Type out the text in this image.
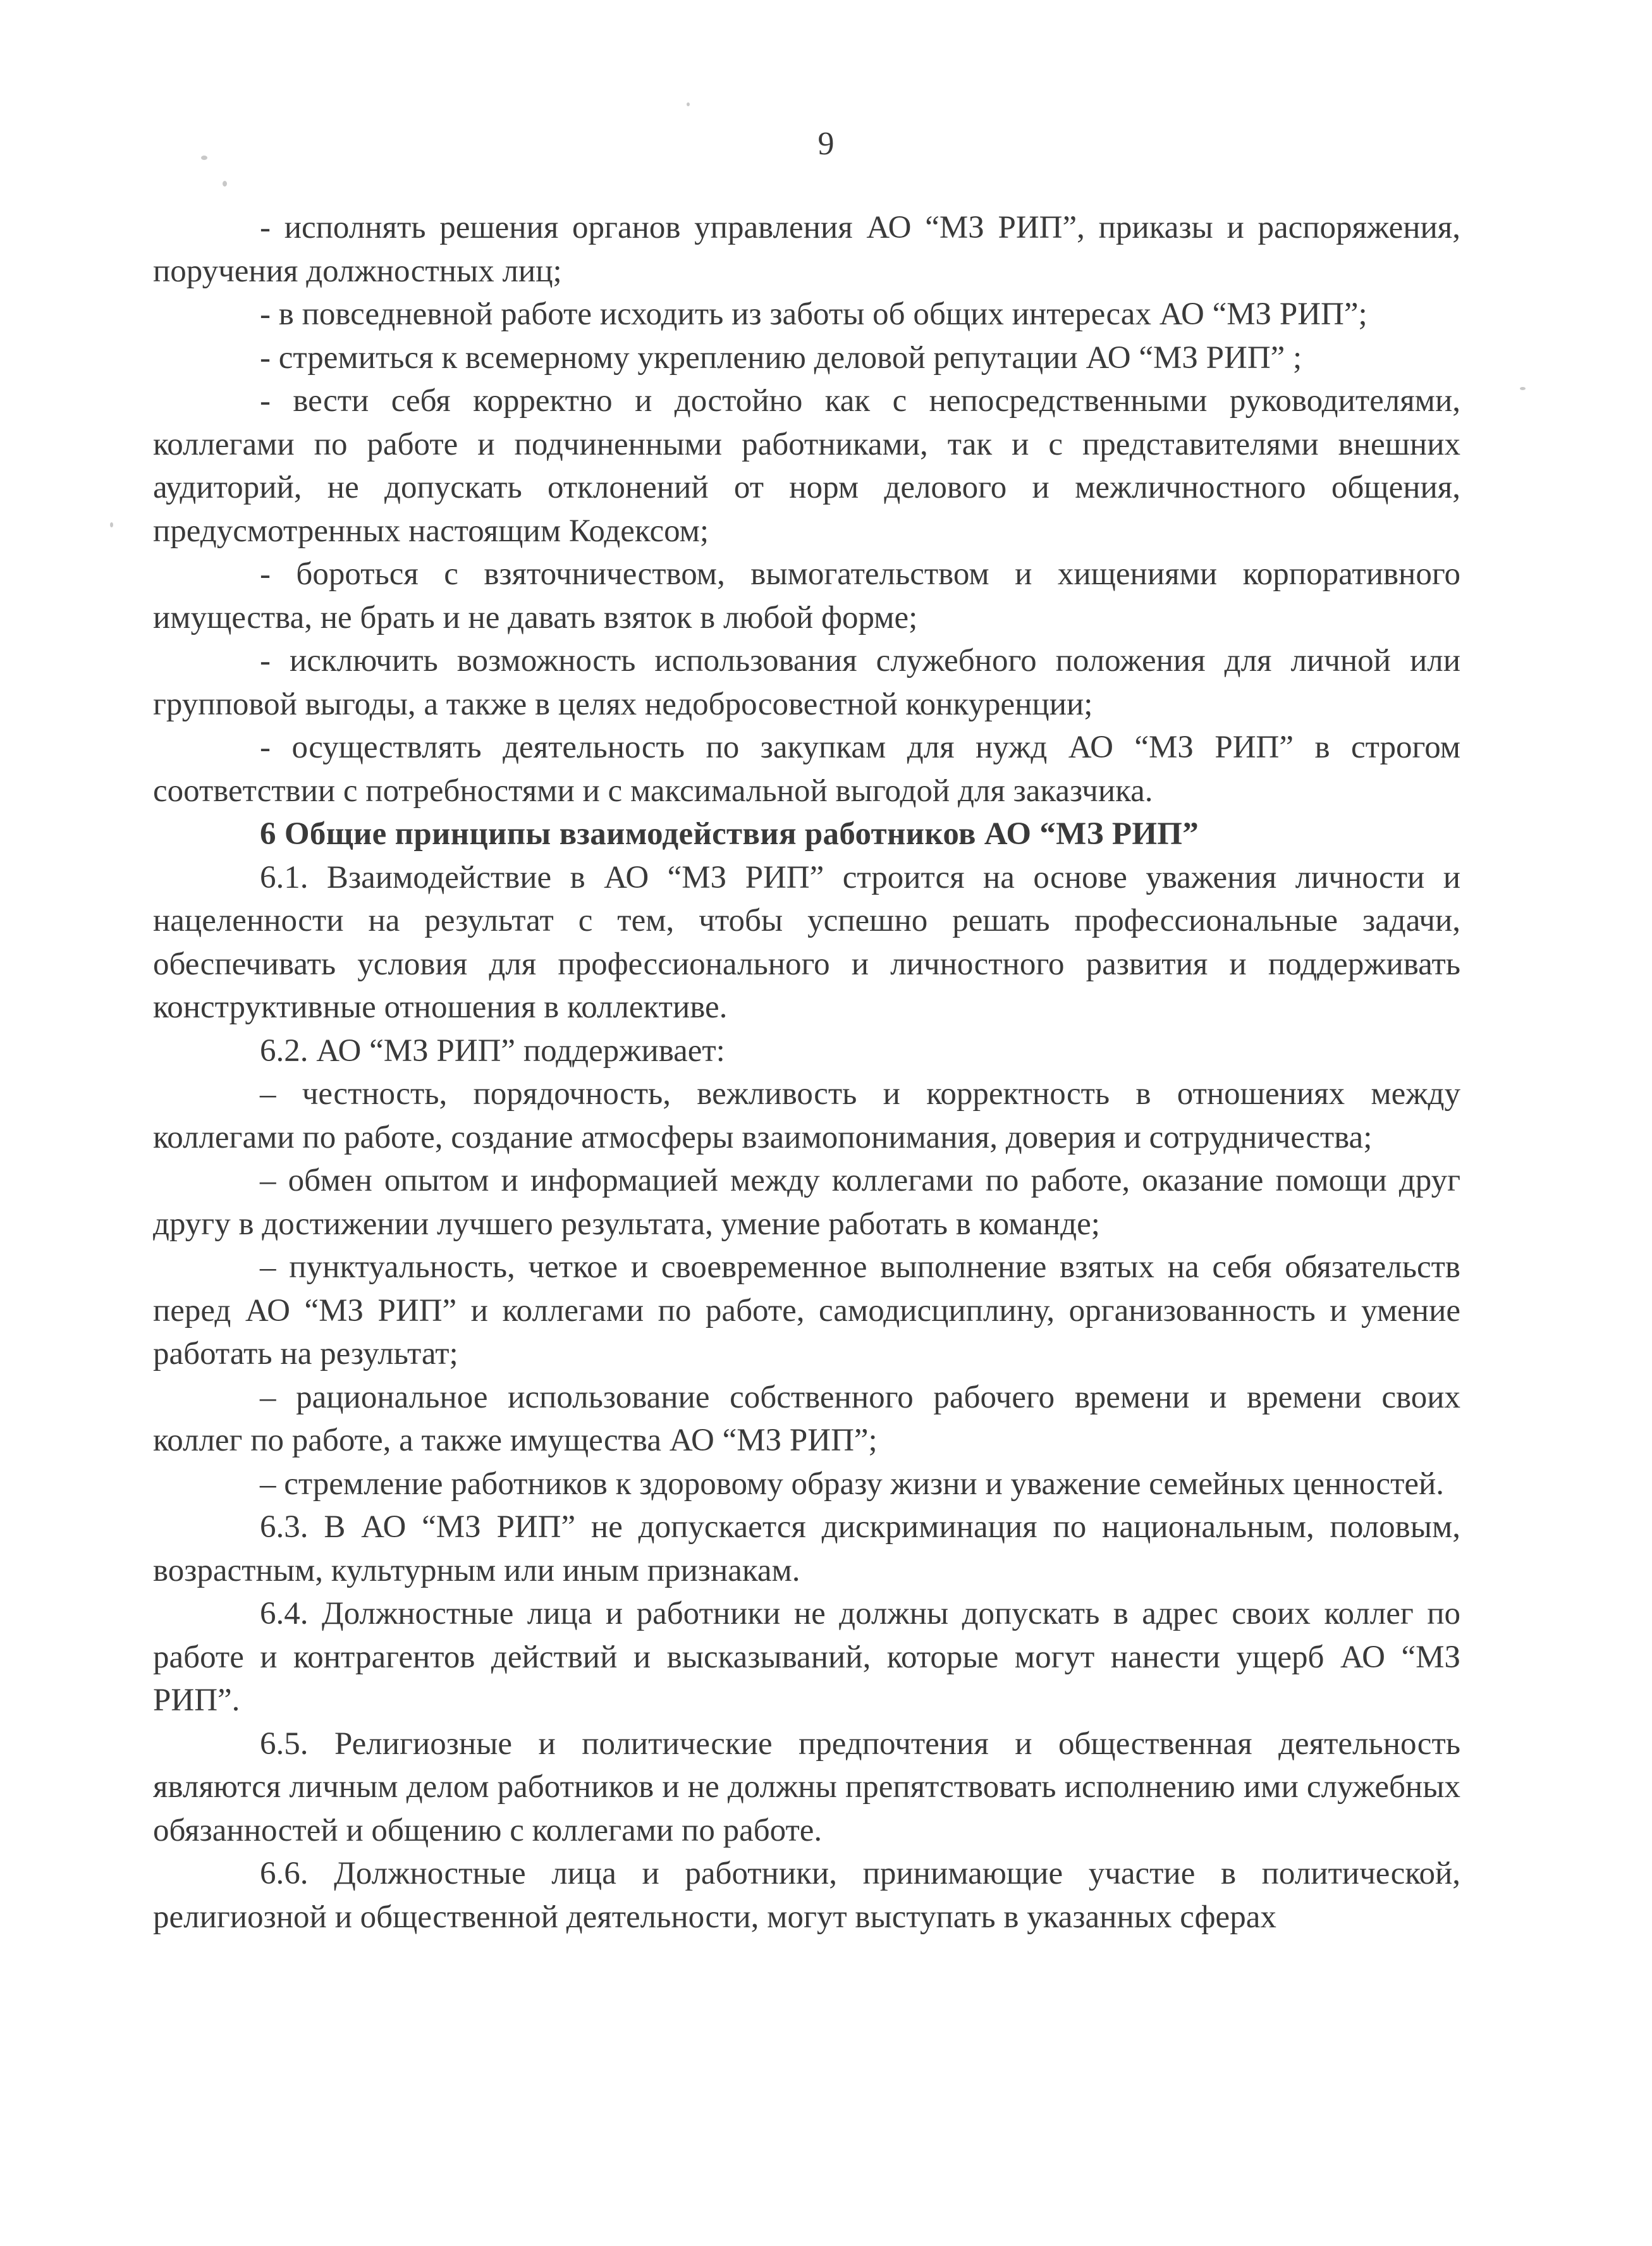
9

- исполнять решения органов управления АО “МЗ РИП”, приказы и распоряжения, поручения должностных лиц;

- в повседневной работе исходить из заботы об общих интересах АО “МЗ РИП”;

- стремиться к всемерному укреплению деловой репутации АО “МЗ РИП” ;

- вести себя корректно и достойно как с непосредственными руководителями, коллегами по работе и подчиненными работниками, так и с представителями внешних аудиторий, не допускать отклонений от норм делового и межличностного общения, предусмотренных настоящим Кодексом;

- бороться с взяточничеством, вымогательством и хищениями корпоративного имущества, не брать и не давать взяток в любой форме;

- исключить возможность использования служебного положения для личной или групповой выгоды, а также в целях недобросовестной конкуренции;

- осуществлять деятельность по закупкам для нужд АО “МЗ РИП” в строгом соответствии с потребностями и с максимальной выгодой для заказчика.

6 Общие принципы взаимодействия работников АО “МЗ РИП”

6.1. Взаимодействие в АО “МЗ РИП” строится на основе уважения личности и нацеленности на результат с тем, чтобы успешно решать профессиональные задачи, обеспечивать условия для профессионального и личностного развития и поддерживать конструктивные отношения в коллективе.

6.2. АО “МЗ РИП” поддерживает:

– честность, порядочность, вежливость и корректность в отношениях между коллегами по работе, создание атмосферы взаимопонимания, доверия и сотрудничества;

– обмен опытом и информацией между коллегами по работе, оказание помощи друг другу в достижении лучшего результата, умение работать в команде;

– пунктуальность, четкое и своевременное выполнение взятых на себя обязательств перед АО “МЗ РИП” и коллегами по работе, самодисциплину, организованность и умение работать на результат;

– рациональное использование собственного рабочего времени и времени своих коллег по работе, а также имущества АО “МЗ РИП”;

– стремление работников к здоровому образу жизни и уважение семейных ценностей.

6.3. В АО “МЗ РИП” не допускается дискриминация по национальным, половым, возрастным, культурным или иным признакам.

6.4. Должностные лица и работники не должны допускать в адрес своих коллег по работе и контрагентов действий и высказываний, которые могут нанести ущерб АО “МЗ РИП”.

6.5. Религиозные и политические предпочтения и общественная деятельность являются личным делом работников и не должны препятствовать исполнению ими служебных обязанностей и общению с коллегами по работе.

6.6. Должностные лица и работники, принимающие участие в политической, религиозной и общественной деятельности, могут выступать в указанных сферах
